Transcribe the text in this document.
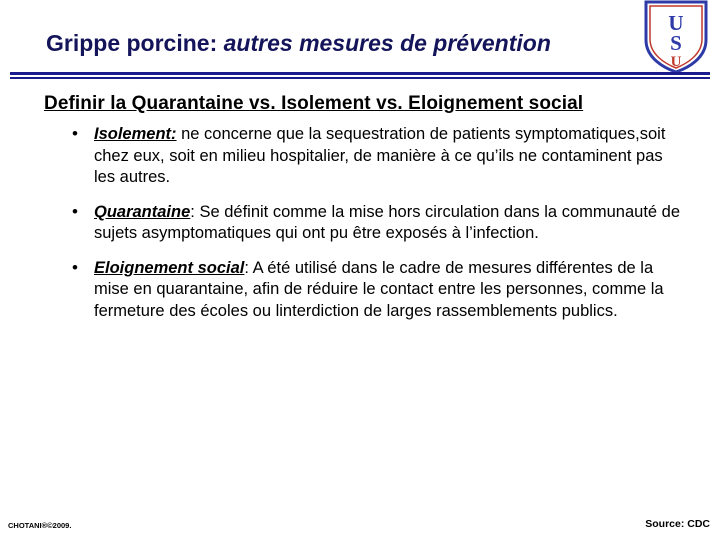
U
S
U
Grippe porcine: autres mesures de prévention
Definir la Quarantaine vs. Isolement vs. Eloignement social
• Isolement: ne concerne que la sequestration de patients symptomatiques,soit chez eux, soit en milieu hospitalier, de manière à ce qu’ils ne contaminent pas les autres.
• Quarantaine: Se définit comme la mise hors circulation dans la communauté de sujets asymptomatiques qui ont pu être exposés à l’infection.
• Eloignement social: A été utilisé dans le cadre de mesures différentes de la mise en quarantaine, afin de réduire le contact entre les personnes, comme la fermeture des écoles ou linterdiction de larges rassemblements publics.
CHOTANI®©2009.	Source: CDC
